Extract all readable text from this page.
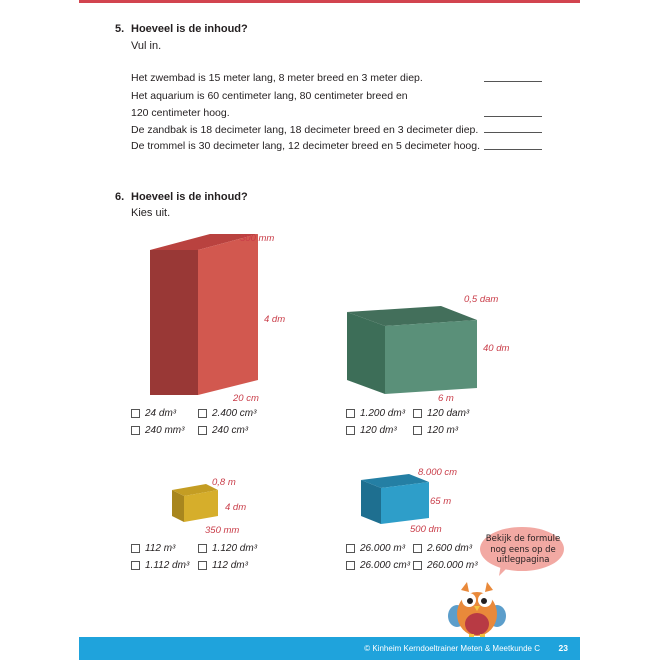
5. Hoeveel is de inhoud?
Vul in.
Het zwembad is 15 meter lang, 8 meter breed en 3 meter diep.
Het aquarium is 60 centimeter lang, 80 centimeter breed en
120 centimeter hoog.
De zandbak is 18 decimeter lang, 18 decimeter breed en 3 decimeter diep.
De trommel is 30 decimeter lang, 12 decimeter breed en 5 decimeter hoog.
6. Hoeveel is de inhoud?
Kies uit.
300 mm
4 dm
20 cm
24 dm³	2.400 cm³
240 mm³	240 cm³
0,5 dam
40 dm
6 m
1.200 dm³ 120 dam³
120 dm³	120 m³
0,8 m
4 dm
350 mm
112 m³	1.120 dm³
1.112 dm³ 112 dm³
8.000 cm
65 m
500 dm
26.000 m³ 2.600 dm³
26.000 cm³ 260.000 m³
Bekijk de formule nog eens op de uitlegpagina
© Kinheim Kerndoeltrainer Meten & Meetkunde C 23
